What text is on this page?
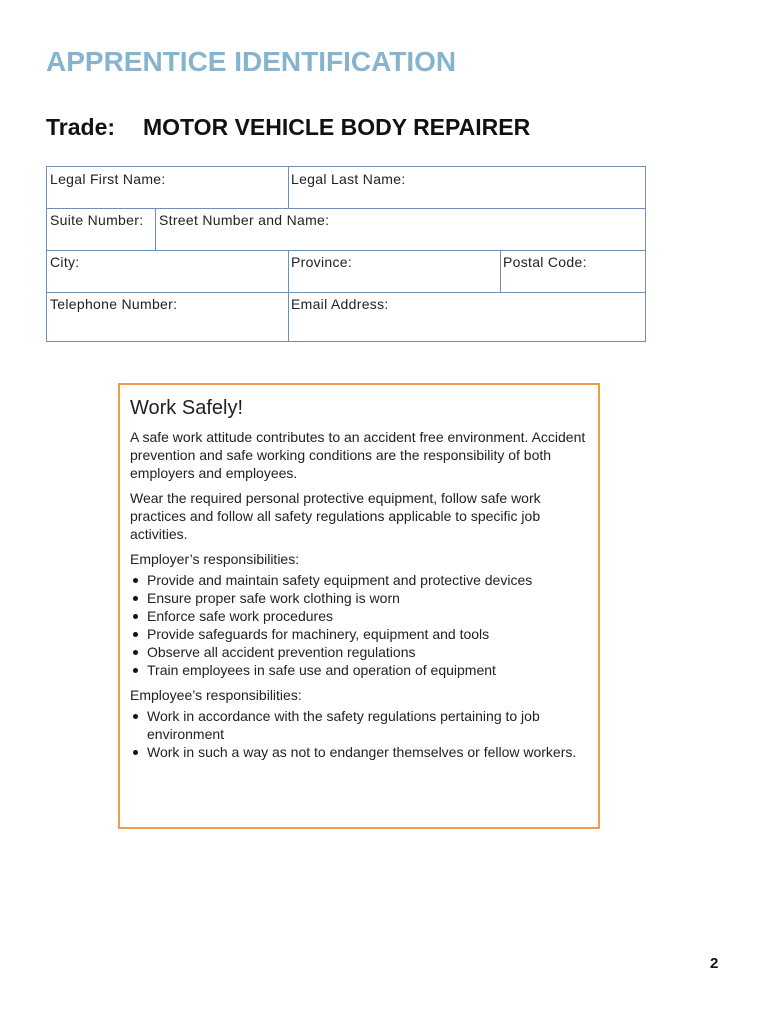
APPRENTICE IDENTIFICATION
Trade: MOTOR VEHICLE BODY REPAIRER
Legal First Name:	Legal Last Name:
Suite Number: Street Number and Name:
City:	Province:	Postal Code:
Telephone Number:	Email Address:
Work Safely!

A safe work attitude contributes to an accident free environment. Accident prevention and safe working conditions are the responsibility of both employers and employees.

Wear the required personal protective equipment, follow safe work practices and follow all safety regulations applicable to specific job activities.

Employer’s responsibilities:

Provide and maintain safety equipment and protective devices
Ensure proper safe work clothing is worn
Enforce safe work procedures
Provide safeguards for machinery, equipment and tools
Observe all accident prevention regulations
Train employees in safe use and operation of equipment

Employee’s responsibilities:

Work in accordance with the safety regulations pertaining to job environment
Work in such a way as not to endanger themselves or fellow workers.
2
